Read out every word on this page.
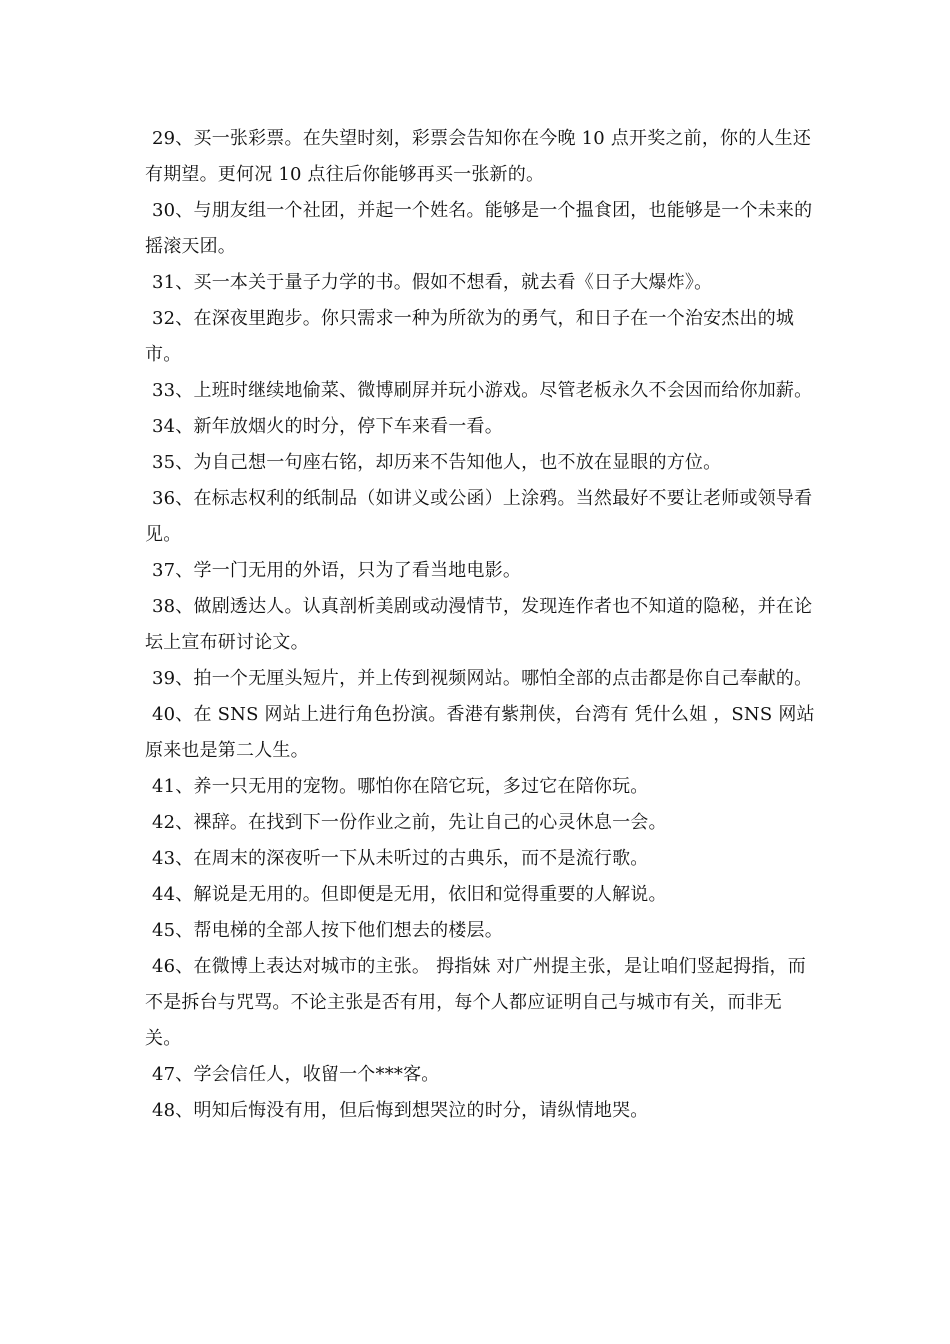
29、买一张彩票。在失望时刻，彩票会告知你在今晚 10 点开奖之前，你的人生还有期望。更何况 10 点往后你能够再买一张新的。

30、与朋友组一个社团，并起一个姓名。能够是一个揾食团，也能够是一个未来的摇滚天团。

31、买一本关于量子力学的书。假如不想看，就去看《日子大爆炸》。

32、在深夜里跑步。你只需求一种为所欲为的勇气，和日子在一个治安杰出的城市。

33、上班时继续地偷菜、微博刷屏并玩小游戏。尽管老板永久不会因而给你加薪。

34、新年放烟火的时分，停下车来看一看。

35、为自己想一句座右铭，却历来不告知他人，也不放在显眼的方位。

36、在标志权利的纸制品（如讲义或公函）上涂鸦。当然最好不要让老师或领导看见。

37、学一门无用的外语，只为了看当地电影。

38、做剧透达人。认真剖析美剧或动漫情节，发现连作者也不知道的隐秘，并在论坛上宣布研讨论文。

39、拍一个无厘头短片，并上传到视频网站。哪怕全部的点击都是你自己奉献的。

40、在 SNS 网站上进行角色扮演。香港有紫荆侠，台湾有 凭什么姐 ，SNS 网站原来也是第二人生。

41、养一只无用的宠物。哪怕你在陪它玩，多过它在陪你玩。

42、裸辞。在找到下一份作业之前，先让自己的心灵休息一会。

43、在周末的深夜听一下从未听过的古典乐，而不是流行歌。

44、解说是无用的。但即便是无用，依旧和觉得重要的人解说。

45、帮电梯的全部人按下他们想去的楼层。

46、在微博上表达对城市的主张。 拇指妹 对广州提主张，是让咱们竖起拇指，而不是拆台与咒骂。不论主张是否有用，每个人都应证明自己与城市有关，而非无关。

47、学会信任人，收留一个***客。

48、明知后悔没有用，但后悔到想哭泣的时分，请纵情地哭。
